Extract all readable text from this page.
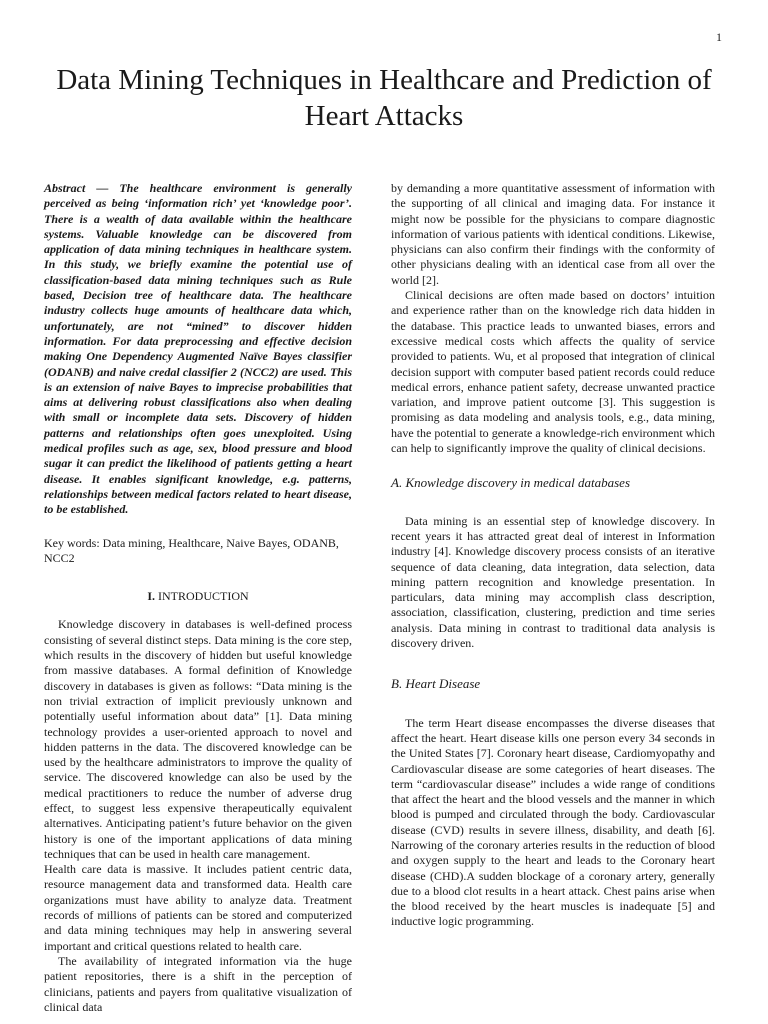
1
Data Mining Techniques in Healthcare and Prediction of Heart Attacks

Abstract — The healthcare environment is generally perceived as being ‘information rich’ yet ‘knowledge poor’. There is a wealth of data available within the healthcare systems. Valuable knowledge can be discovered from application of data mining techniques in healthcare system. In this study, we briefly examine the potential use of classification-based data mining techniques such as Rule based, Decision tree of healthcare data. The healthcare industry collects huge amounts of healthcare data which, unfortunately, are not “mined” to discover hidden information. For data preprocessing and effective decision making One Dependency Augmented Naïve Bayes classifier (ODANB) and naive credal classifier 2 (NCC2) are used. This is an extension of naive Bayes to imprecise probabilities that aims at delivering robust classifications also when dealing with small or incomplete data sets. Discovery of hidden patterns and relationships often goes unexploited. Using medical profiles such as age, sex, blood pressure and blood sugar it can predict the likelihood of patients getting a heart disease. It enables significant knowledge, e.g. patterns, relationships between medical factors related to heart disease, to be established.

Key words: Data mining, Healthcare, Naive Bayes, ODANB, NCC2

I. INTRODUCTION

Knowledge discovery in databases is well-defined process consisting of several distinct steps. Data mining is the core step, which results in the discovery of hidden but useful knowledge from massive databases. A formal definition of Knowledge discovery in databases is given as follows: “Data mining is the non trivial extraction of implicit previously unknown and potentially useful information about data” [1]. Data mining technology provides a user-oriented approach to novel and hidden patterns in the data. The discovered knowledge can be used by the healthcare administrators to improve the quality of service. The discovered knowledge can also be used by the medical practitioners to reduce the number of adverse drug effect, to suggest less expensive therapeutically equivalent alternatives. Anticipating patient’s future behavior on the given history is one of the important applications of data mining techniques that can be used in health care management.

Health care data is massive. It includes patient centric data, resource management data and transformed data. Health care organizations must have ability to analyze data. Treatment records of millions of patients can be stored and computerized and data mining techniques may help in answering several important and critical questions related to health care.

The availability of integrated information via the huge patient repositories, there is a shift in the perception of clinicians, patients and payers from qualitative visualization of clinical data

by demanding a more quantitative assessment of information with the supporting of all clinical and imaging data. For instance it might now be possible for the physicians to compare diagnostic information of various patients with identical conditions. Likewise, physicians can also confirm their findings with the conformity of other physicians dealing with an identical case from all over the world [2].

Clinical decisions are often made based on doctors’ intuition and experience rather than on the knowledge rich data hidden in the database. This practice leads to unwanted biases, errors and excessive medical costs which affects the quality of service provided to patients. Wu, et al proposed that integration of clinical decision support with computer based patient records could reduce medical errors, enhance patient safety, decrease unwanted practice variation, and improve patient outcome [3]. This suggestion is promising as data modeling and analysis tools, e.g., data mining, have the potential to generate a knowledge-rich environment which can help to significantly improve the quality of clinical decisions.

A. Knowledge discovery in medical databases

Data mining is an essential step of knowledge discovery. In recent years it has attracted great deal of interest in Information industry [4]. Knowledge discovery process consists of an iterative sequence of data cleaning, data integration, data selection, data mining pattern recognition and knowledge presentation. In particulars, data mining may accomplish class description, association, classification, clustering, prediction and time series analysis. Data mining in contrast to traditional data analysis is discovery driven.

B. Heart Disease

The term Heart disease encompasses the diverse diseases that affect the heart. Heart disease kills one person every 34 seconds in the United States [7]. Coronary heart disease, Cardiomyopathy and Cardiovascular disease are some categories of heart diseases. The term “cardiovascular disease” includes a wide range of conditions that affect the heart and the blood vessels and the manner in which blood is pumped and circulated through the body. Cardiovascular disease (CVD) results in severe illness, disability, and death [6]. Narrowing of the coronary arteries results in the reduction of blood and oxygen supply to the heart and leads to the Coronary heart disease (CHD).A sudden blockage of a coronary artery, generally due to a blood clot results in a heart attack. Chest pains arise when the blood received by the heart muscles is inadequate [5] and inductive logic programming.
